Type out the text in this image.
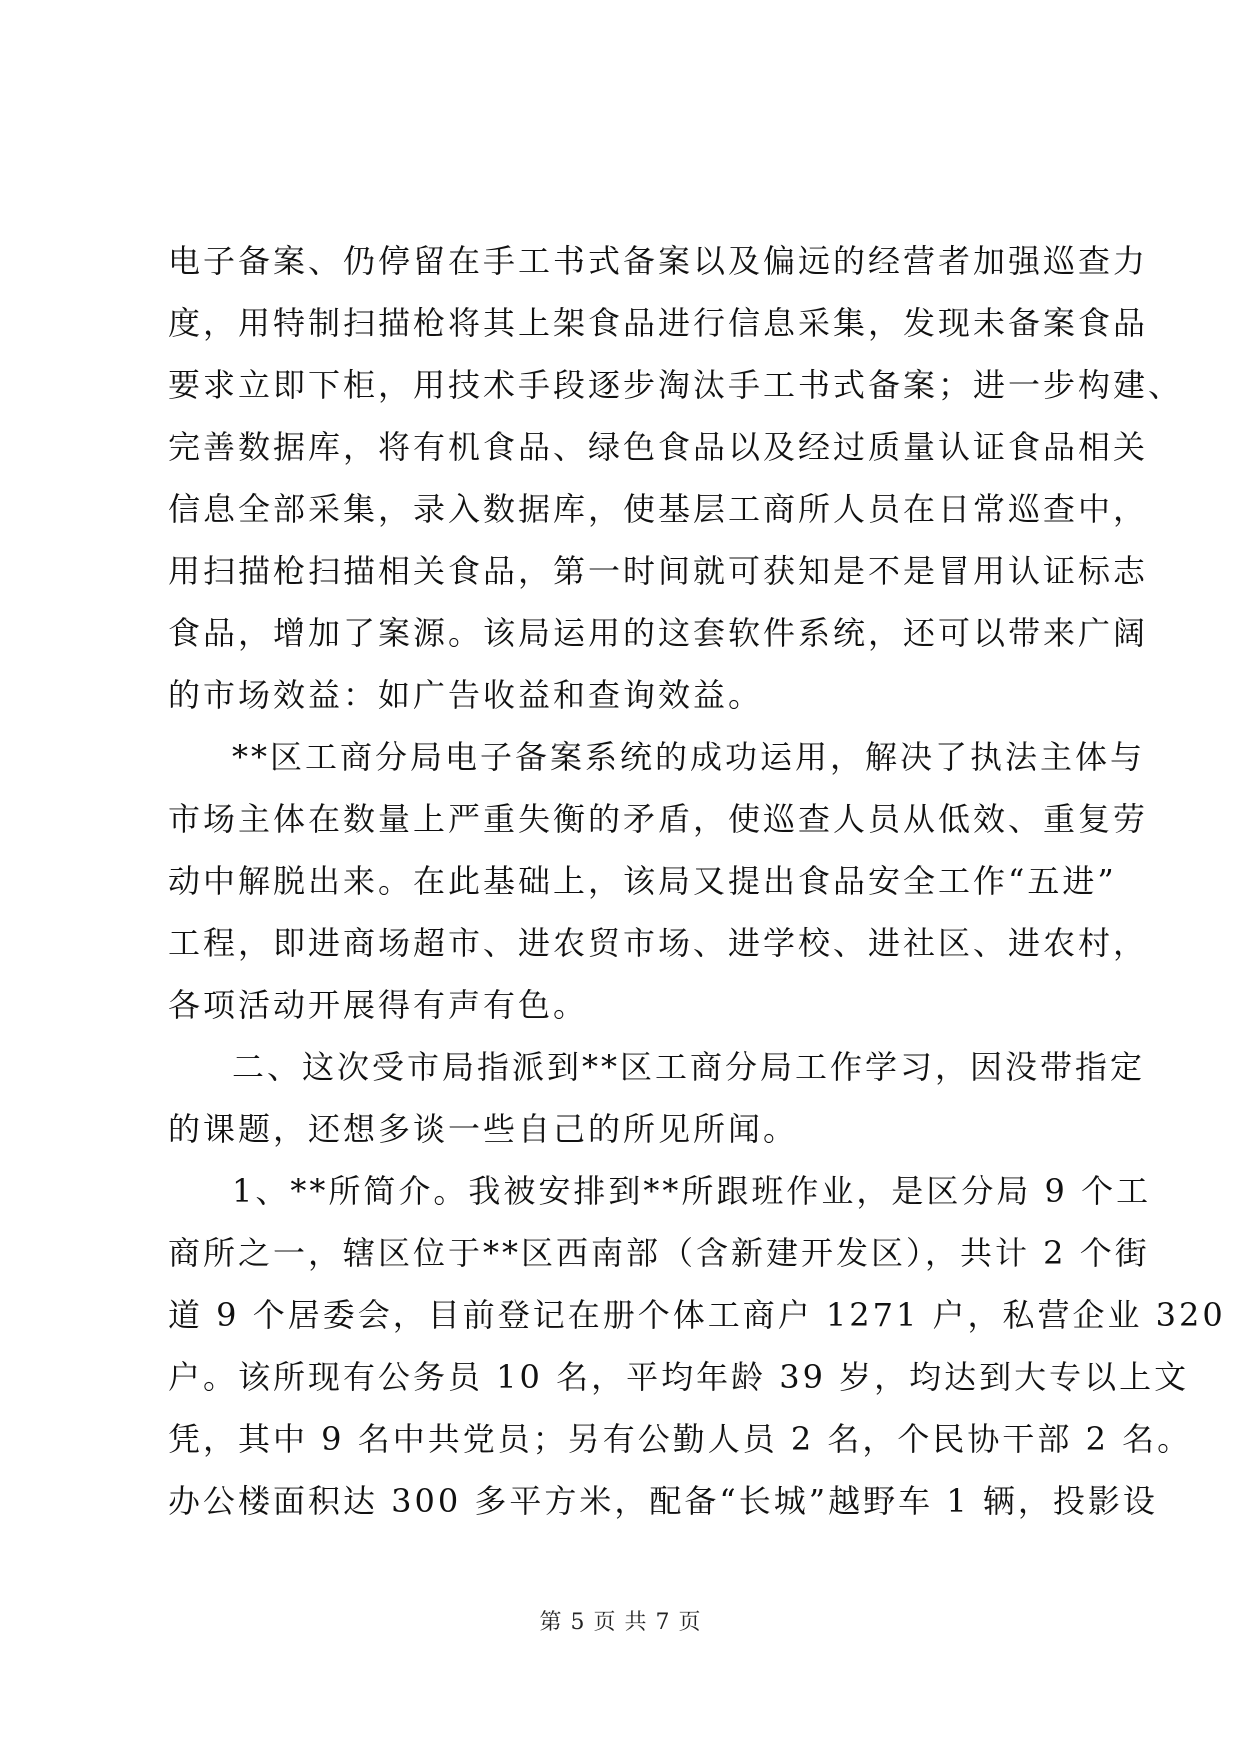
电子备案、仍停留在手工书式备案以及偏远的经营者加强巡查力
度，用特制扫描枪将其上架食品进行信息采集，发现未备案食品
要求立即下柜，用技术手段逐步淘汰手工书式备案；进一步构建、
完善数据库，将有机食品、绿色食品以及经过质量认证食品相关
信息全部采集，录入数据库，使基层工商所人员在日常巡查中，
用扫描枪扫描相关食品，第一时间就可获知是不是冒用认证标志
食品，增加了案源。该局运用的这套软件系统，还可以带来广阔
的市场效益：如广告收益和查询效益。
**区工商分局电子备案系统的成功运用，解决了执法主体与
市场主体在数量上严重失衡的矛盾，使巡查人员从低效、重复劳
动中解脱出来。在此基础上，该局又提出食品安全工作“五进”
工程，即进商场超市、进农贸市场、进学校、进社区、进农村，
各项活动开展得有声有色。
二、这次受市局指派到**区工商分局工作学习，因没带指定
的课题，还想多谈一些自己的所见所闻。
1、**所简介。我被安排到**所跟班作业，是区分局 9 个工
商所之一，辖区位于**区西南部（含新建开发区），共计 2 个街
道 9 个居委会，目前登记在册个体工商户 1271 户，私营企业 320
户。该所现有公务员 10 名，平均年龄 39 岁，均达到大专以上文
凭，其中 9 名中共党员；另有公勤人员 2 名，个民协干部 2 名。
办公楼面积达 300 多平方米，配备“长城”越野车 1 辆，投影设
第 5 页 共 7 页
